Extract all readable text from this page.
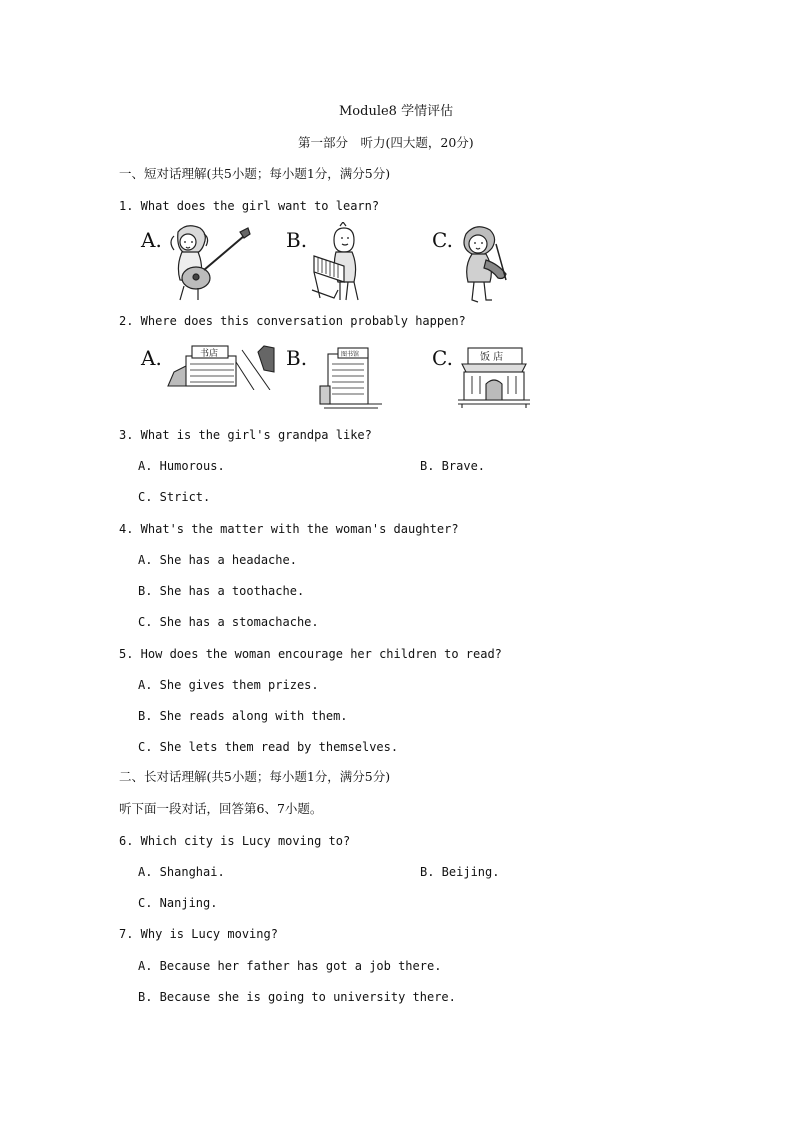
Module8 学情评估
第一部分　听力(四大题，20分)
一、短对话理解(共5小题；每小题1分，满分5分)
1. What does the girl want to learn?
A.	B.	C.
2. Where does this conversation probably happen?
A.	书店	B.	图书馆	C.	饭 店
3. What is the girl's grandpa like?
A. Humorous.	B. Brave.
C. Strict.
4. What's the matter with the woman's daughter?
A. She has a headache.
B. She has a toothache.
C. She has a stomachache.
5. How does the woman encourage her children to read?
A. She gives them prizes.
B. She reads along with them.
C. She lets them read by themselves.
二、长对话理解(共5小题；每小题1分，满分5分)
听下面一段对话，回答第6、7小题。
6. Which city is Lucy moving to?
A. Shanghai.	B. Beijing.
C. Nanjing.
7. Why is Lucy moving?
A. Because her father has got a job there.
B. Because she is going to university there.
